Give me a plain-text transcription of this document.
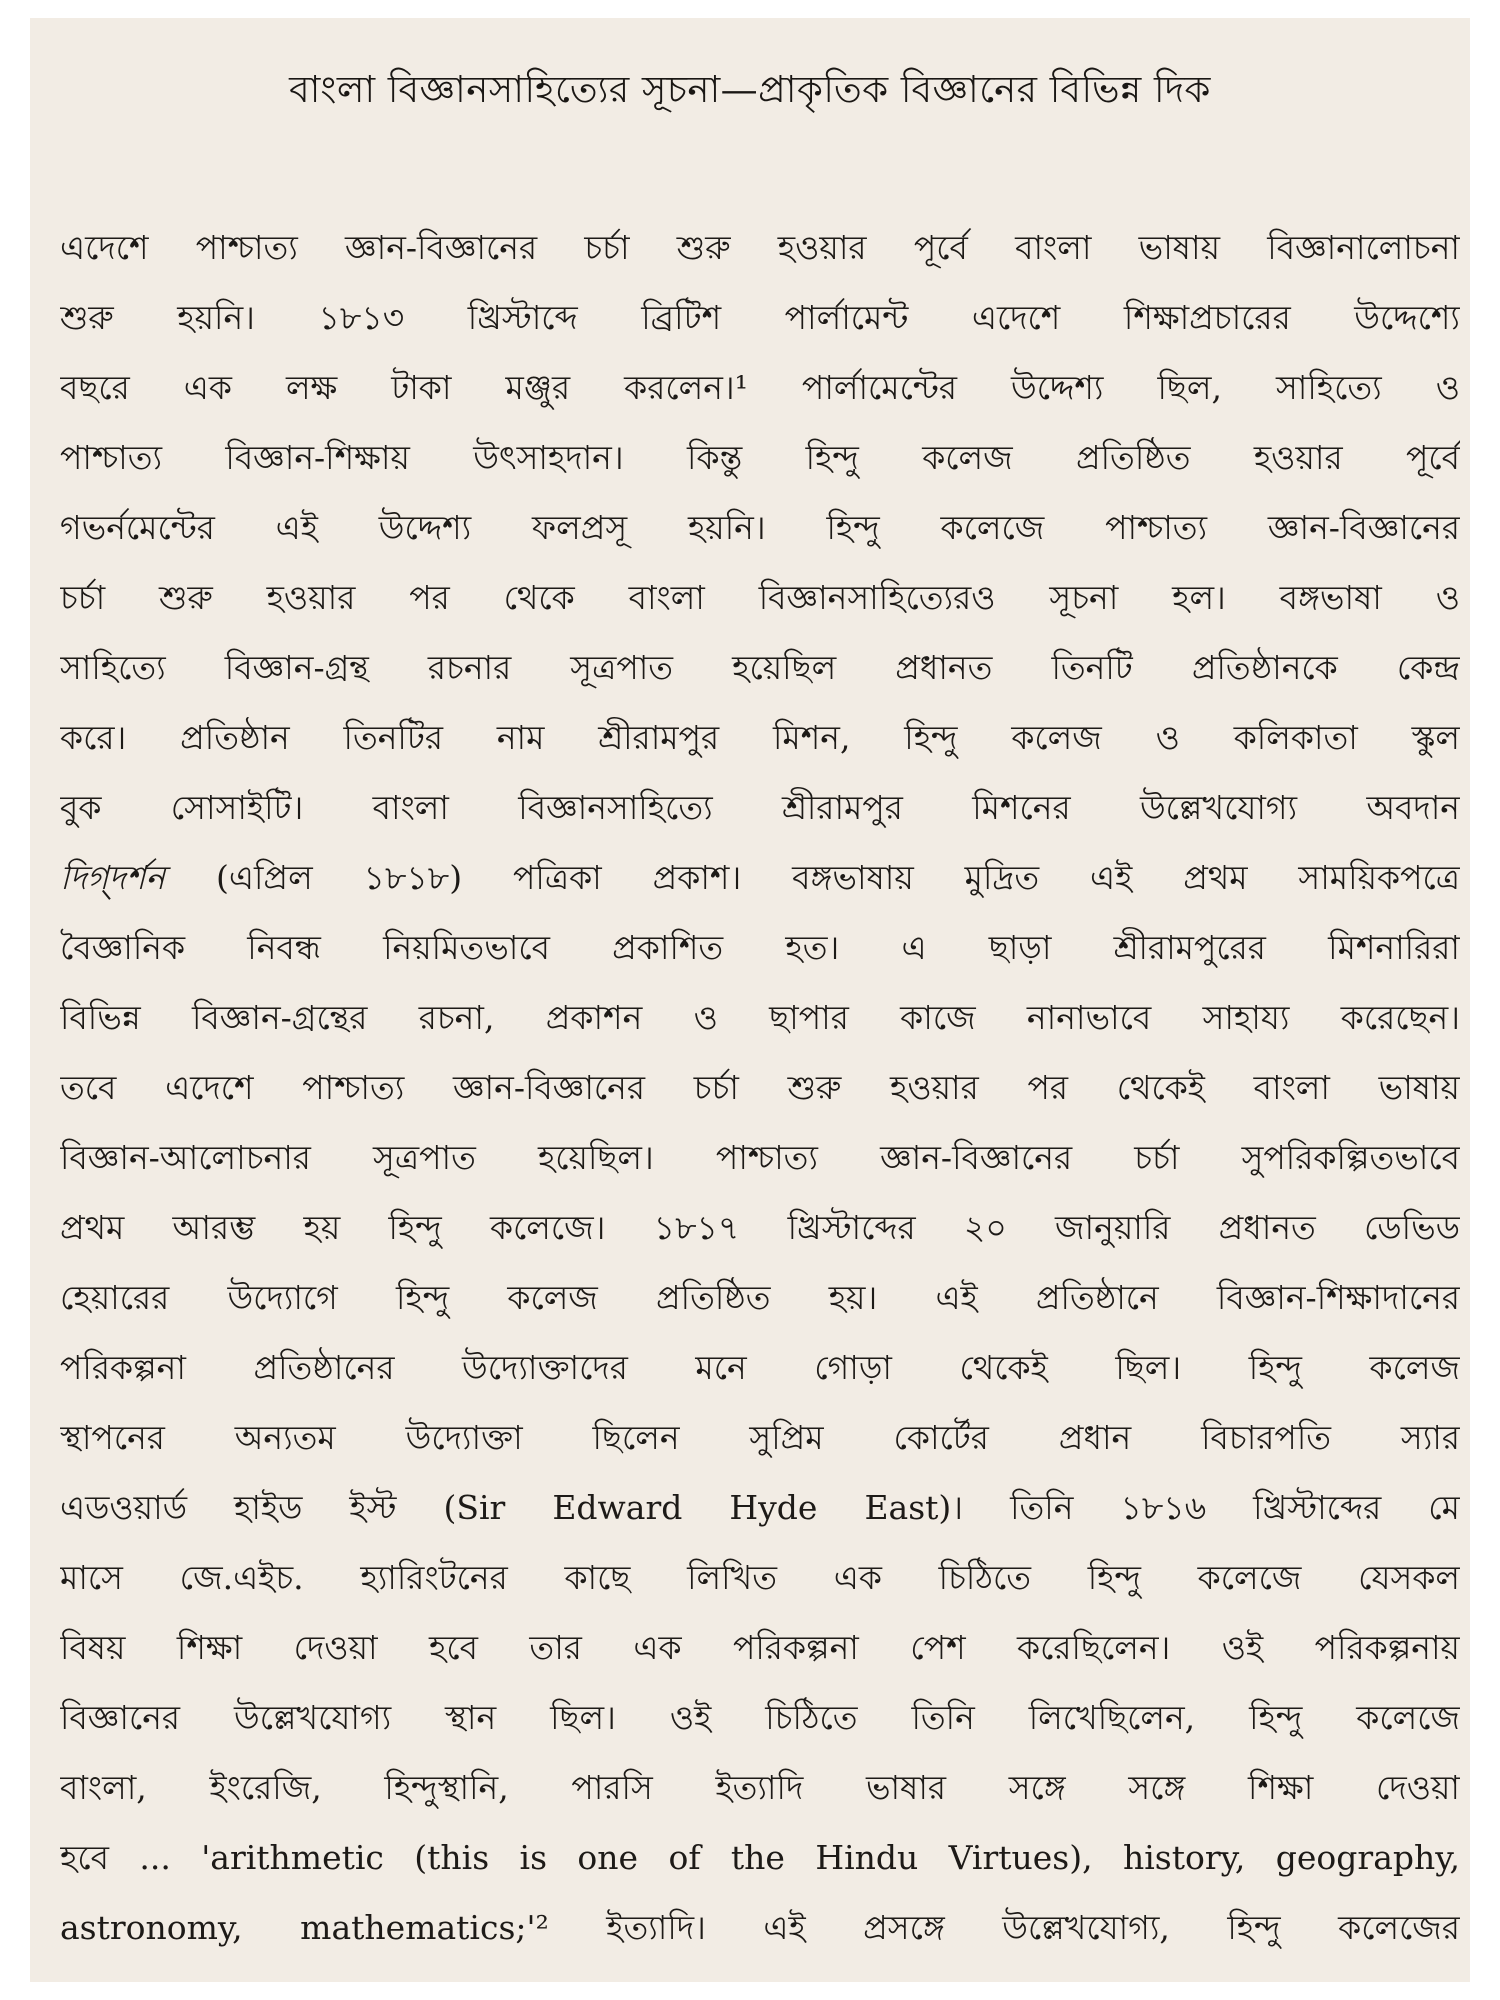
বাংলা বিজ্ঞানসাহিত্যের সূচনা—প্রাকৃতিক বিজ্ঞানের বিভিন্ন দিক
এদেশে পাশ্চাত্য জ্ঞান-বিজ্ঞানের চর্চা শুরু হওয়ার পূর্বে বাংলা ভাষায় বিজ্ঞানালোচনা
শুরু হয়নি। ১৮১৩ খ্রিস্টাব্দে ব্রিটিশ পার্লামেন্ট এদেশে শিক্ষাপ্রচারের উদ্দেশ্যে
বছরে এক লক্ষ টাকা মঞ্জুর করলেন।¹ পার্লামেন্টের উদ্দেশ্য ছিল, সাহিত্যে ও
পাশ্চাত্য বিজ্ঞান-শিক্ষায় উৎসাহদান। কিন্তু হিন্দু কলেজ প্রতিষ্ঠিত হওয়ার পূর্বে
গভর্নমেন্টের এই উদ্দেশ্য ফলপ্রসূ হয়নি। হিন্দু কলেজে পাশ্চাত্য জ্ঞান-বিজ্ঞানের
চর্চা শুরু হওয়ার পর থেকে বাংলা বিজ্ঞানসাহিত্যেরও সূচনা হল। বঙ্গভাষা ও
সাহিত্যে বিজ্ঞান-গ্রন্থ রচনার সূত্রপাত হয়েছিল প্রধানত তিনটি প্রতিষ্ঠানকে কেন্দ্র
করে। প্রতিষ্ঠান তিনটির নাম শ্রীরামপুর মিশন, হিন্দু কলেজ ও কলিকাতা স্কুল
বুক সোসাইটি। বাংলা বিজ্ঞানসাহিত্যে শ্রীরামপুর মিশনের উল্লেখযোগ্য অবদান
দিগ্‌দর্শন (এপ্রিল ১৮১৮) পত্রিকা প্রকাশ। বঙ্গভাষায় মুদ্রিত এই প্রথম সাময়িকপত্রে
বৈজ্ঞানিক নিবন্ধ নিয়মিতভাবে প্রকাশিত হত। এ ছাড়া শ্রীরামপুরের মিশনারিরা
বিভিন্ন বিজ্ঞান-গ্রন্থের রচনা, প্রকাশন ও ছাপার কাজে নানাভাবে সাহায্য করেছেন।
তবে এদেশে পাশ্চাত্য জ্ঞান-বিজ্ঞানের চর্চা শুরু হওয়ার পর থেকেই বাংলা ভাষায়
বিজ্ঞান-আলোচনার সূত্রপাত হয়েছিল। পাশ্চাত্য জ্ঞান-বিজ্ঞানের চর্চা সুপরিকল্পিতভাবে
প্রথম আরম্ভ হয় হিন্দু কলেজে। ১৮১৭ খ্রিস্টাব্দের ২০ জানুয়ারি প্রধানত ডেভিড
হেয়ারের উদ্যোগে হিন্দু কলেজ প্রতিষ্ঠিত হয়। এই প্রতিষ্ঠানে বিজ্ঞান-শিক্ষাদানের
পরিকল্পনা প্রতিষ্ঠানের উদ্যোক্তাদের মনে গোড়া থেকেই ছিল। হিন্দু কলেজ
স্থাপনের অন্যতম উদ্যোক্তা ছিলেন সুপ্রিম কোর্টের প্রধান বিচারপতি স্যার
এডওয়ার্ড হাইড ইস্ট (Sir Edward Hyde East)। তিনি ১৮১৬ খ্রিস্টাব্দের মে
মাসে জে.এইচ. হ্যারিংটনের কাছে লিখিত এক চিঠিতে হিন্দু কলেজে যেসকল
বিষয় শিক্ষা দেওয়া হবে তার এক পরিকল্পনা পেশ করেছিলেন। ওই পরিকল্পনায়
বিজ্ঞানের উল্লেখযোগ্য স্থান ছিল। ওই চিঠিতে তিনি লিখেছিলেন, হিন্দু কলেজে
বাংলা, ইংরেজি, হিন্দুস্থানি, পারসি ইত্যাদি ভাষার সঙ্গে সঙ্গে শিক্ষা দেওয়া
হবে ... 'arithmetic (this is one of the Hindu Virtues), history, geography,
astronomy, mathematics;'² ইত্যাদি। এই প্রসঙ্গে উল্লেখযোগ্য, হিন্দু কলেজের
